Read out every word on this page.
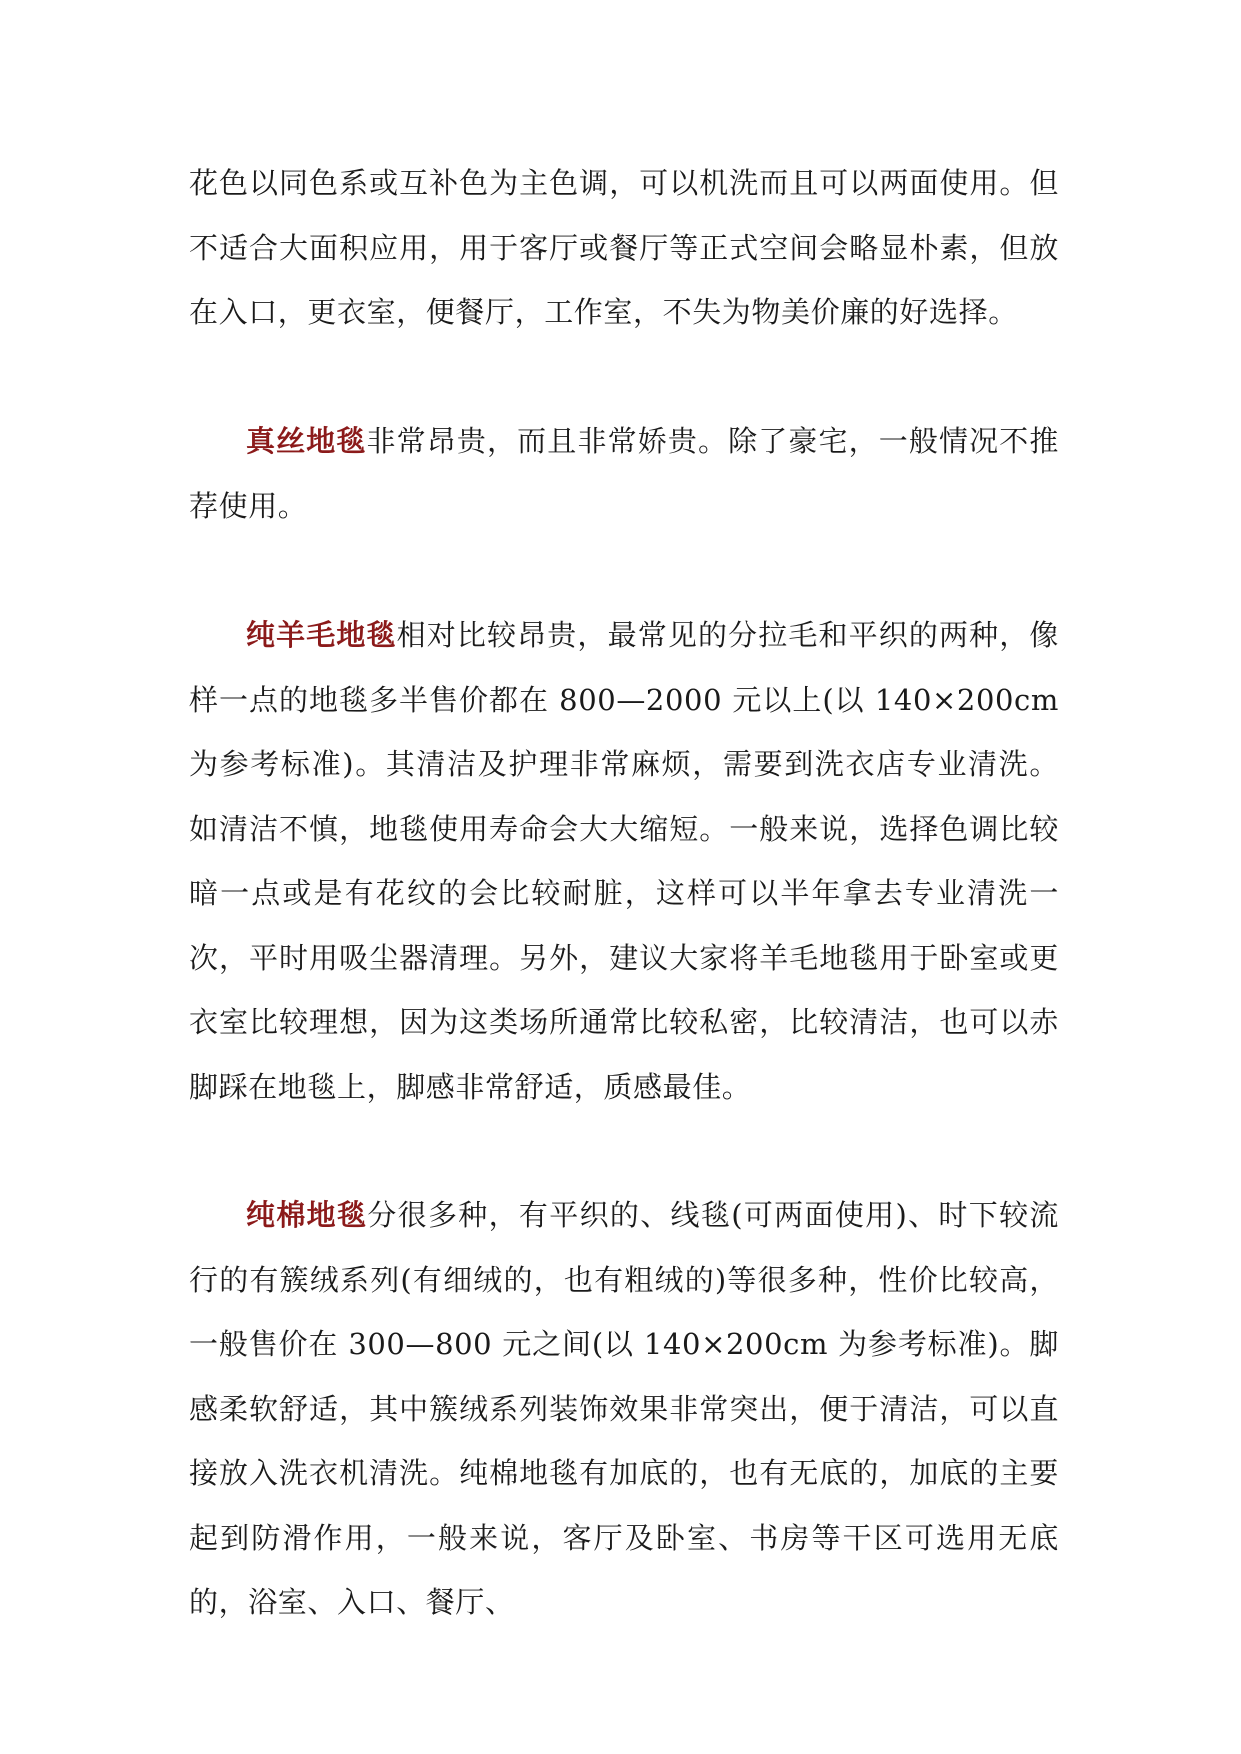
花色以同色系或互补色为主色调，可以机洗而且可以两面使用。但不适合大面积应用，用于客厅或餐厅等正式空间会略显朴素，但放在入口，更衣室，便餐厅，工作室，不失为物美价廉的好选择。

真丝地毯非常昂贵，而且非常娇贵。除了豪宅，一般情况不推荐使用。

纯羊毛地毯相对比较昂贵，最常见的分拉毛和平织的两种，像样一点的地毯多半售价都在 800—2000 元以上(以 140×200cm 为参考标准)。其清洁及护理非常麻烦，需要到洗衣店专业清洗。如清洁不慎，地毯使用寿命会大大缩短。一般来说，选择色调比较暗一点或是有花纹的会比较耐脏，这样可以半年拿去专业清洗一次，平时用吸尘器清理。另外，建议大家将羊毛地毯用于卧室或更衣室比较理想，因为这类场所通常比较私密，比较清洁，也可以赤脚踩在地毯上，脚感非常舒适，质感最佳。

纯棉地毯分很多种，有平织的、线毯(可两面使用)、时下较流行的有簇绒系列(有细绒的，也有粗绒的)等很多种，性价比较高，一般售价在 300—800 元之间(以 140×200cm 为参考标准)。脚感柔软舒适，其中簇绒系列装饰效果非常突出，便于清洁，可以直接放入洗衣机清洗。纯棉地毯有加底的，也有无底的，加底的主要起到防滑作用，一般来说，客厅及卧室、书房等干区可选用无底的，浴室、入口、餐厅、
